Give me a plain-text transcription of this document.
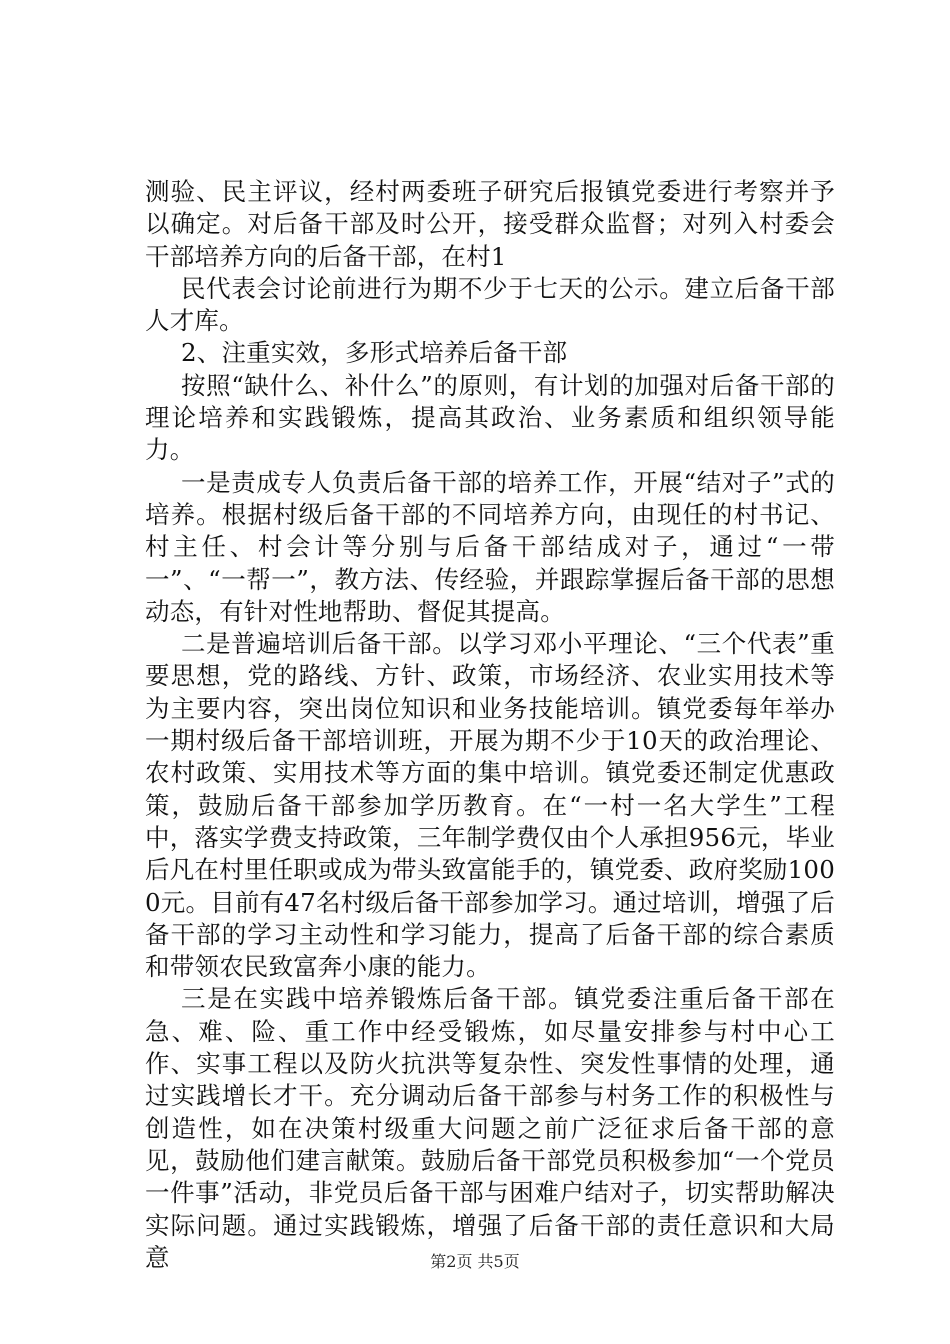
测验、民主评议，经村两委班子研究后报镇党委进行考察并予以确定。对后备干部及时公开，接受群众监督；对列入村委会干部培养方向的后备干部，在村1

民代表会讨论前进行为期不少于七天的公示。建立后备干部人才库。

2、注重实效，多形式培养后备干部

按照“缺什么、补什么”的原则，有计划的加强对后备干部的理论培养和实践锻炼，提高其政治、业务素质和组织领导能力。

一是责成专人负责后备干部的培养工作，开展“结对子”式的培养。根据村级后备干部的不同培养方向，由现任的村书记、村主任、村会计等分别与后备干部结成对子，通过“一带一”、“一帮一”，教方法、传经验，并跟踪掌握后备干部的思想动态，有针对性地帮助、督促其提高。

二是普遍培训后备干部。以学习邓小平理论、“三个代表”重要思想，党的路线、方针、政策，市场经济、农业实用技术等为主要内容，突出岗位知识和业务技能培训。镇党委每年举办一期村级后备干部培训班，开展为期不少于10天的政治理论、农村政策、实用技术等方面的集中培训。镇党委还制定优惠政策，鼓励后备干部参加学历教育。在“一村一名大学生”工程中，落实学费支持政策，三年制学费仅由个人承担956元，毕业后凡在村里任职或成为带头致富能手的，镇党委、政府奖励1000元。目前有47名村级后备干部参加学习。通过培训，增强了后备干部的学习主动性和学习能力，提高了后备干部的综合素质和带领农民致富奔小康的能力。

三是在实践中培养锻炼后备干部。镇党委注重后备干部在急、难、险、重工作中经受锻炼，如尽量安排参与村中心工作、实事工程以及防火抗洪等复杂性、突发性事情的处理，通过实践增长才干。充分调动后备干部参与村务工作的积极性与创造性，如在决策村级重大问题之前广泛征求后备干部的意见，鼓励他们建言献策。鼓励后备干部党员积极参加“一个党员一件事”活动，非党员后备干部与困难户结对子，切实帮助解决实际问题。通过实践锻炼，增强了后备干部的责任意识和大局意	第2页 共5页
